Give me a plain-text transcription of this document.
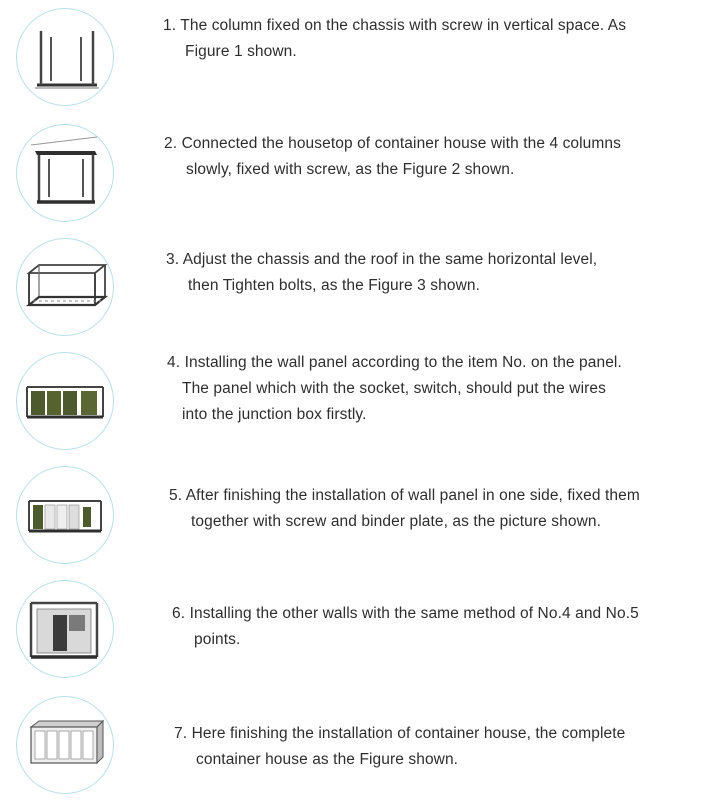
1. The column fixed on the chassis with screw in vertical space. As
Figure 1 shown.
2. Connected the housetop of container house with the 4 columns
slowly, fixed with screw, as the Figure 2 shown.
3. Adjust the chassis and the roof in the same horizontal level,
then Tighten bolts, as the Figure 3 shown.
4. Installing the wall panel according to the item No. on the panel.
The panel which with the socket, switch, should put the wires
into the junction box firstly.
5. After finishing the installation of wall panel in one side, fixed them
together with screw and binder plate, as the picture shown.
6. Installing the other walls with the same method of No.4 and No.5
points.
7. Here finishing the installation of container house, the complete
container house as the Figure shown.
